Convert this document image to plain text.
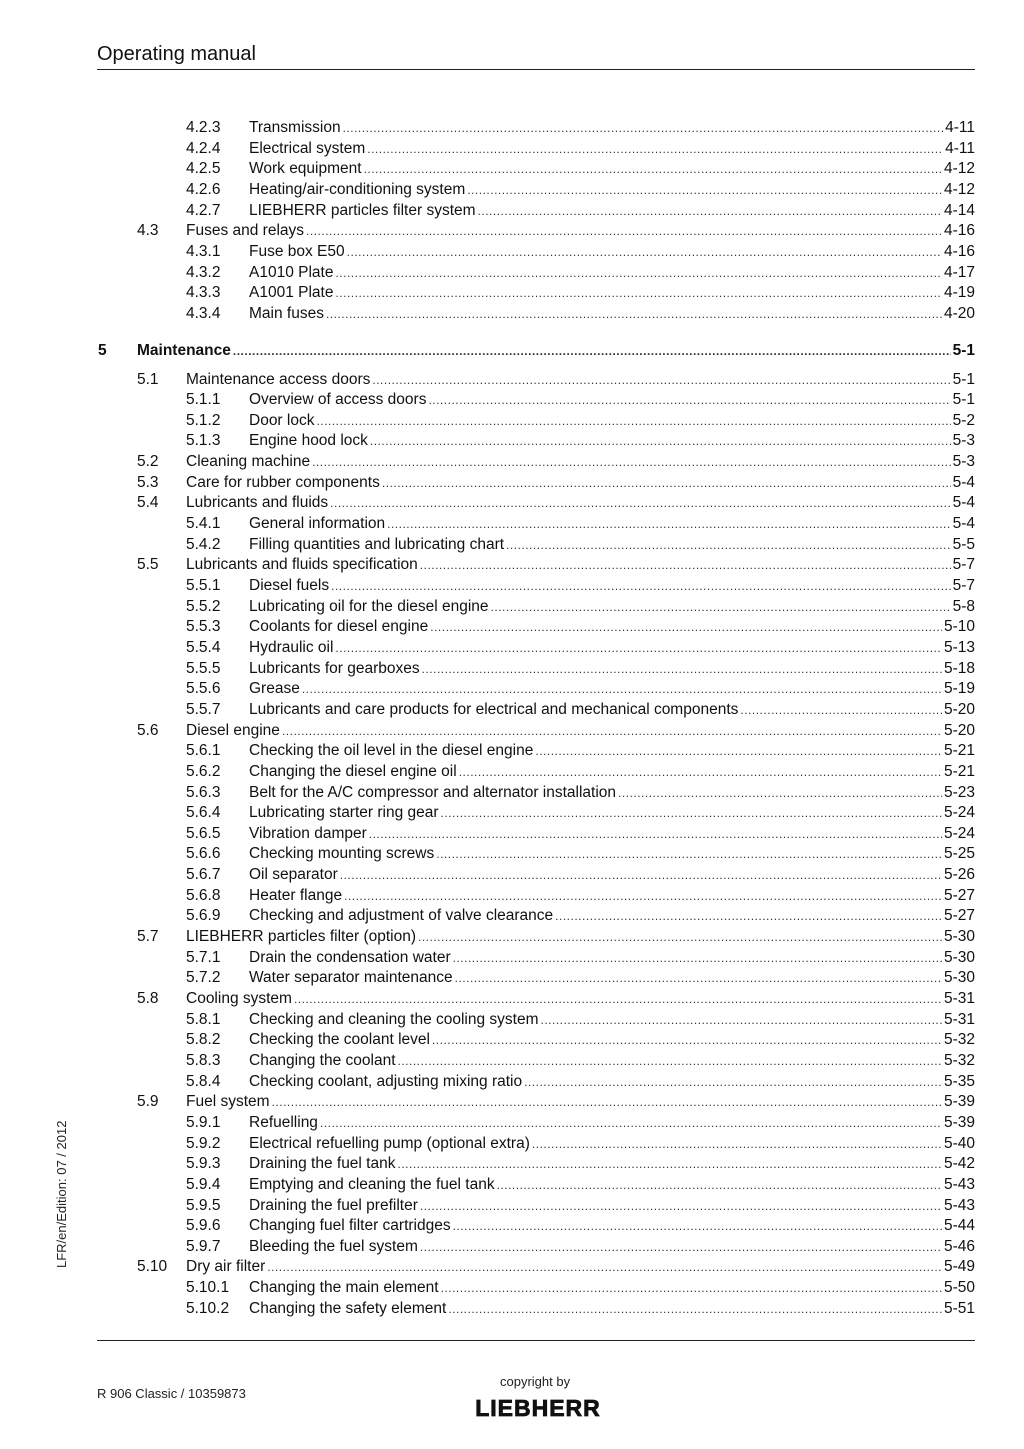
Operating manual
LFR/en/Edition: 07 / 2012
4.2.3 Transmission .....	4-11
4.2.4 Electrical system .....	4-11
4.2.5 Work equipment .....	4-12
4.2.6 Heating/air-conditioning system .....	4-12
4.2.7 LIEBHERR particles filter system .....	4-14
4.3 Fuses and relays .....	4-16
4.3.1 Fuse box E50 .....	4-16
4.3.2 A1010 Plate .....	4-17
4.3.3 A1001 Plate .....	4-19
4.3.4 Main fuses .....	4-20
5 Maintenance .....	5-1
5.1 Maintenance access doors .....	5-1
5.1.1 Overview of access doors .....	5-1
5.1.2 Door lock .....	5-2
5.1.3 Engine hood lock .....	5-3
5.2 Cleaning machine .....	5-3
5.3 Care for rubber components .....	5-4
5.4 Lubricants and fluids .....	5-4
5.4.1 General information .....	5-4
5.4.2 Filling quantities and lubricating chart .....	5-5
5.5 Lubricants and fluids specification .....	5-7
5.5.1 Diesel fuels .....	5-7
5.5.2 Lubricating oil for the diesel engine .....	5-8
5.5.3 Coolants for diesel engine .....	5-10
5.5.4 Hydraulic oil .....	5-13
5.5.5 Lubricants for gearboxes .....	5-18
5.5.6 Grease .....	5-19
5.5.7 Lubricants and care products for electrical and mechanical components .....	5-20
5.6 Diesel engine .....	5-20
5.6.1 Checking the oil level in the diesel engine .....	5-21
5.6.2 Changing the diesel engine oil .....	5-21
5.6.3 Belt for the A/C compressor and alternator installation .....	5-23
5.6.4 Lubricating starter ring gear .....	5-24
5.6.5 Vibration damper .....	5-24
5.6.6 Checking mounting screws .....	5-25
5.6.7 Oil separator .....	5-26
5.6.8 Heater flange .....	5-27
5.6.9 Checking and adjustment of valve clearance .....	5-27
5.7 LIEBHERR particles filter (option) .....	5-30
5.7.1 Drain the condensation water .....	5-30
5.7.2 Water separator maintenance .....	5-30
5.8 Cooling system .....	5-31
5.8.1 Checking and cleaning the cooling system .....	5-31
5.8.2 Checking the coolant level .....	5-32
5.8.3 Changing the coolant .....	5-32
5.8.4 Checking coolant, adjusting mixing ratio .....	5-35
5.9 Fuel system .....	5-39
5.9.1 Refuelling .....	5-39
5.9.2 Electrical refuelling pump (optional extra) .....	5-40
5.9.3 Draining the fuel tank .....	5-42
5.9.4 Emptying and cleaning the fuel tank .....	5-43
5.9.5 Draining the fuel prefilter .....	5-43
5.9.6 Changing fuel filter cartridges .....	5-44
5.9.7 Bleeding the fuel system .....	5-46
5.10 Dry air filter .....	5-49
5.10.1 Changing the main element .....	5-50
5.10.2 Changing the safety element .....	5-51
R 906 Classic / 10359873
copyright by
LIEBHERR
